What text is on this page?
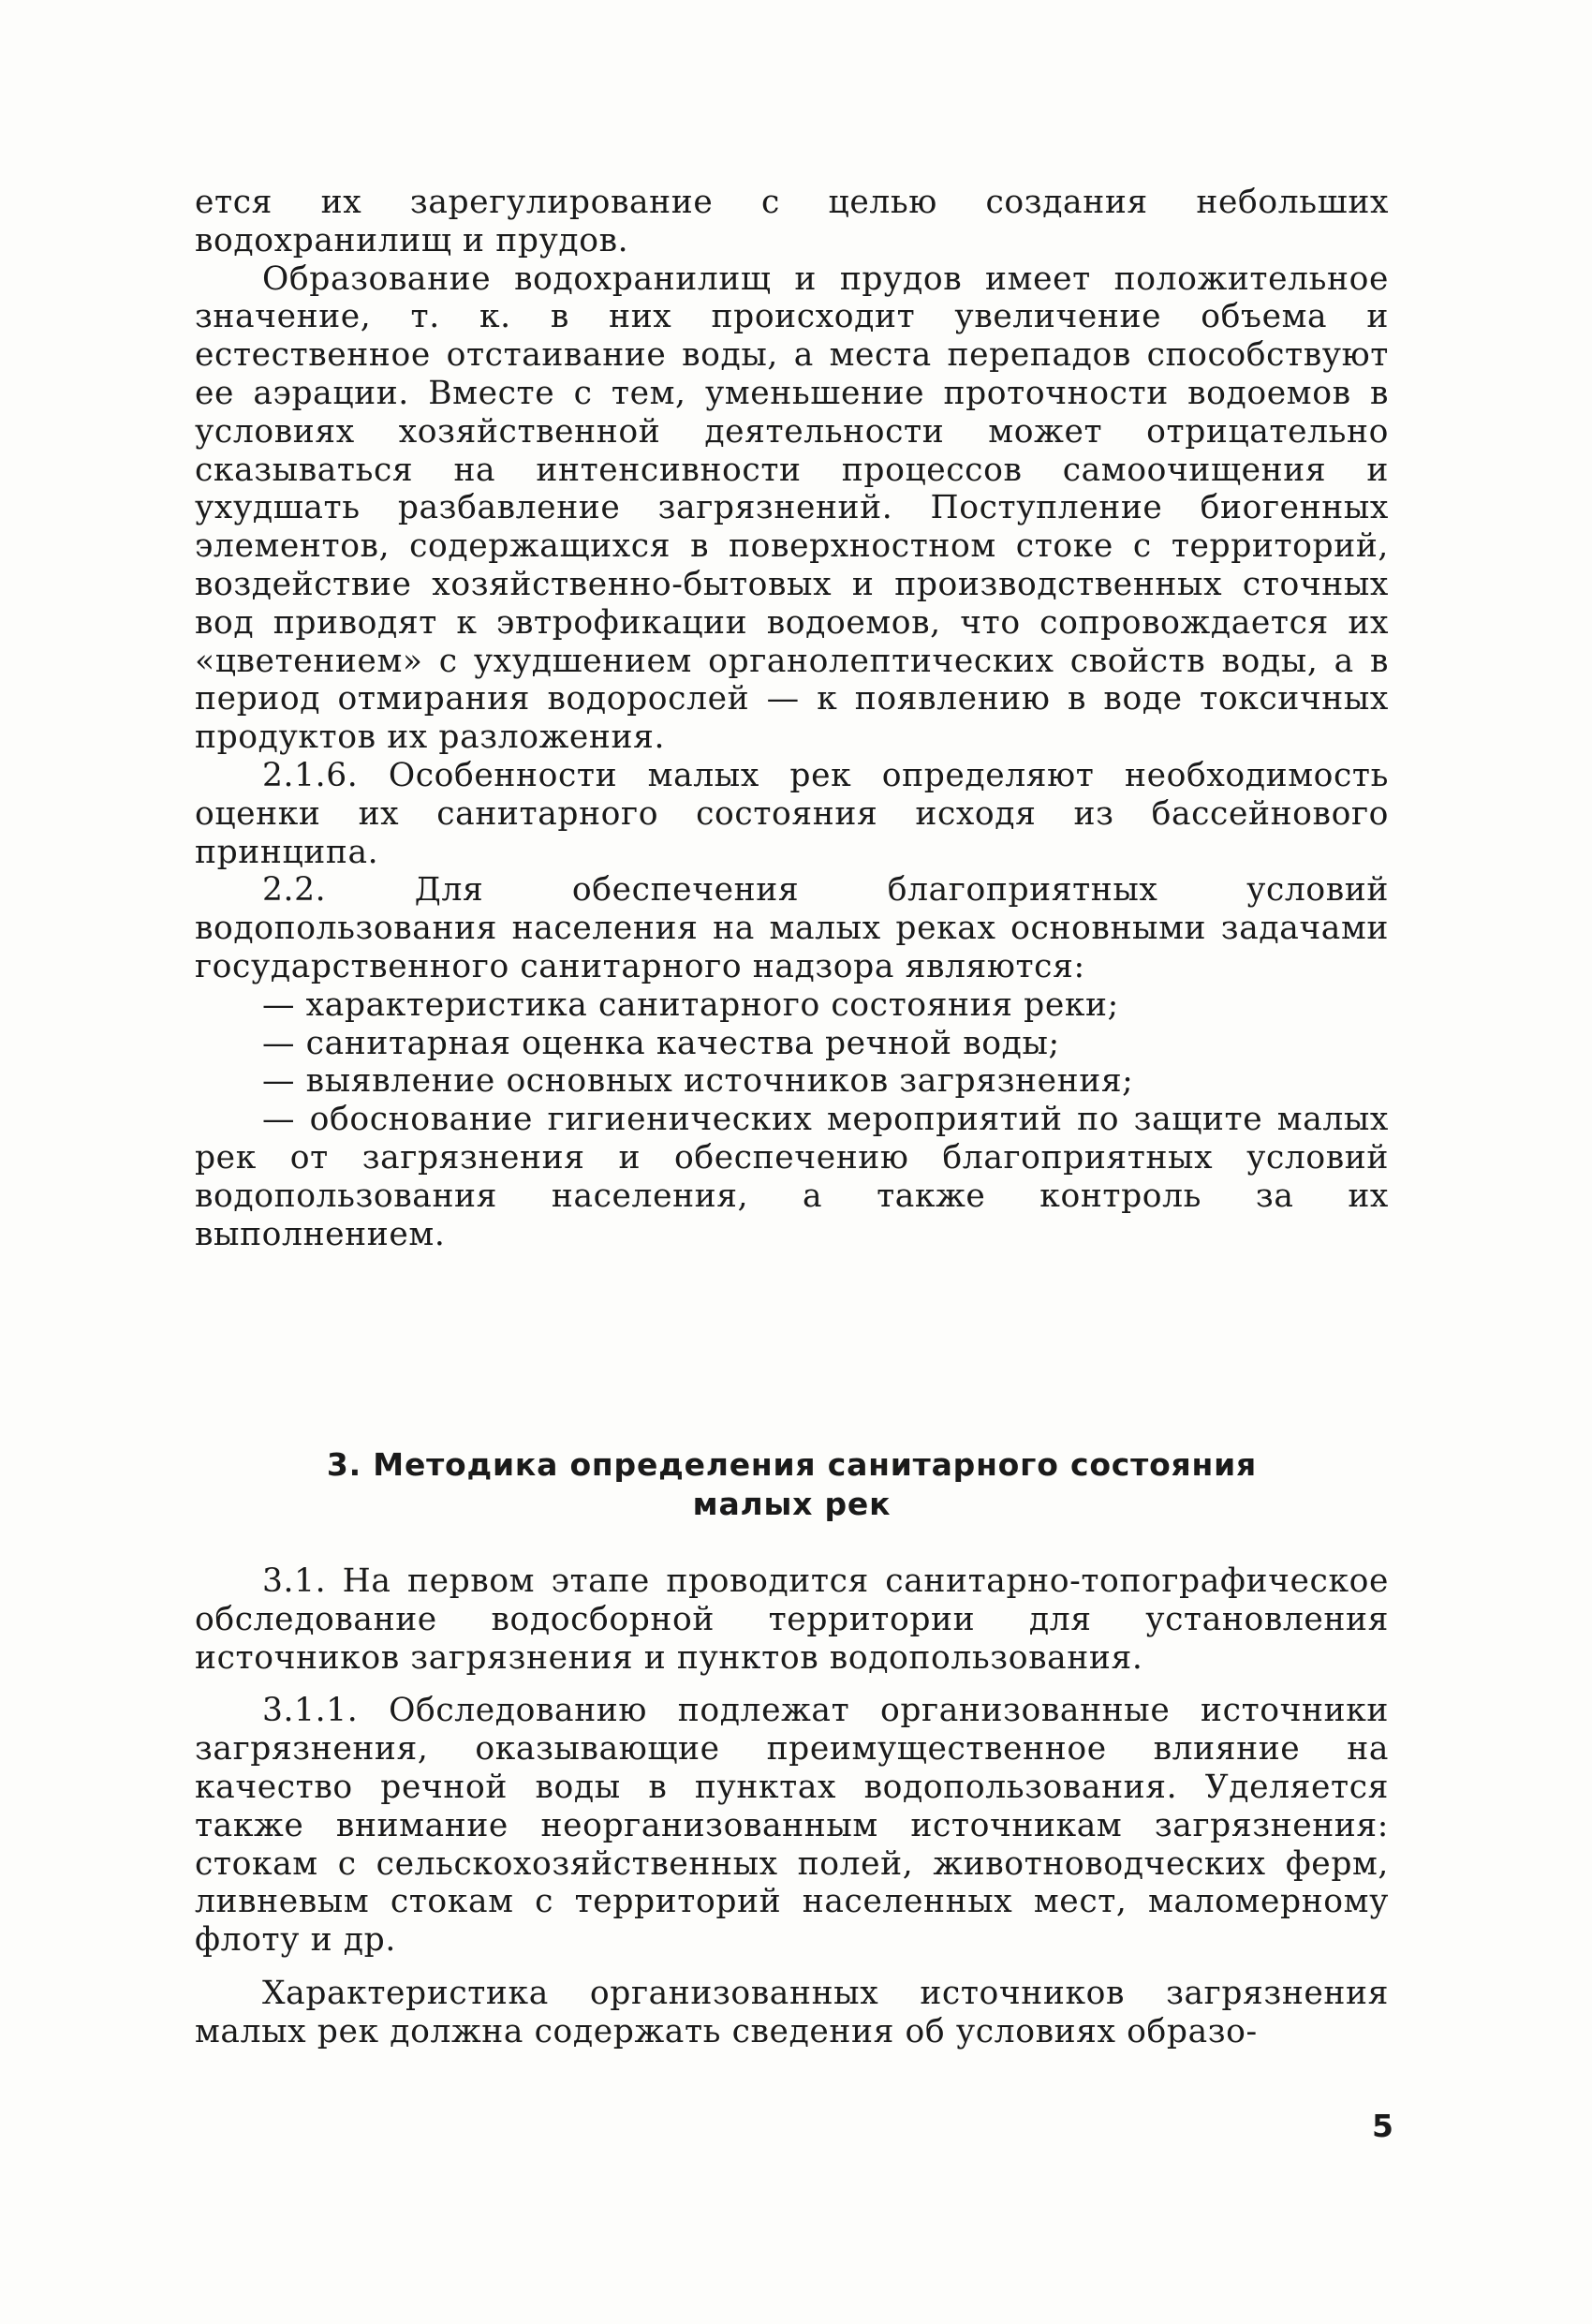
ется их зарегулирование с целью создания небольших водохранилищ и прудов.

Образование водохранилищ и прудов имеет положительное значение, т. к. в них происходит увеличение объема и естественное отстаивание воды, а места перепадов способствуют ее аэрации. Вместе с тем, уменьшение проточности водоемов в условиях хозяйственной деятельности может отрицательно сказываться на интенсивности процессов самоочищения и ухудшать разбавление загрязнений. Поступление биогенных элементов, содержащихся в поверхностном стоке с территорий, воздействие хозяйственно-бытовых и производственных сточных вод приводят к эвтрофикации водоемов, что сопровождается их «цветением» с ухудшением органолептических свойств воды, а в период отмирания водорослей — к появлению в воде токсичных продуктов их разложения.

2.1.6. Особенности малых рек определяют необходимость оценки их санитарного состояния исходя из бассейнового принципа.

2.2. Для обеспечения благоприятных условий водопользования населения на малых реках основными задачами государственного санитарного надзора являются:

— характеристика санитарного состояния реки;

— санитарная оценка качества речной воды;

— выявление основных источников загрязнения;

— обоснование гигиенических мероприятий по защите малых рек от загрязнения и обеспечению благоприятных условий водопользования населения, а также контроль за их выполнением.

3. Методика определения санитарного состояния
малых рек

3.1. На первом этапе проводится санитарно-топографическое обследование водосборной территории для установления источников загрязнения и пунктов водопользования.

3.1.1. Обследованию подлежат организованные источники загрязнения, оказывающие преимущественное влияние на качество речной воды в пунктах водопользования. Уделяется также внимание неорганизованным источникам загрязнения: стокам с сельскохозяйственных полей, животноводческих ферм, ливневым стокам с территорий населенных мест, маломерному флоту и др.

Характеристика организованных источников загрязнения малых рек должна содержать сведения об условиях образо-

5
